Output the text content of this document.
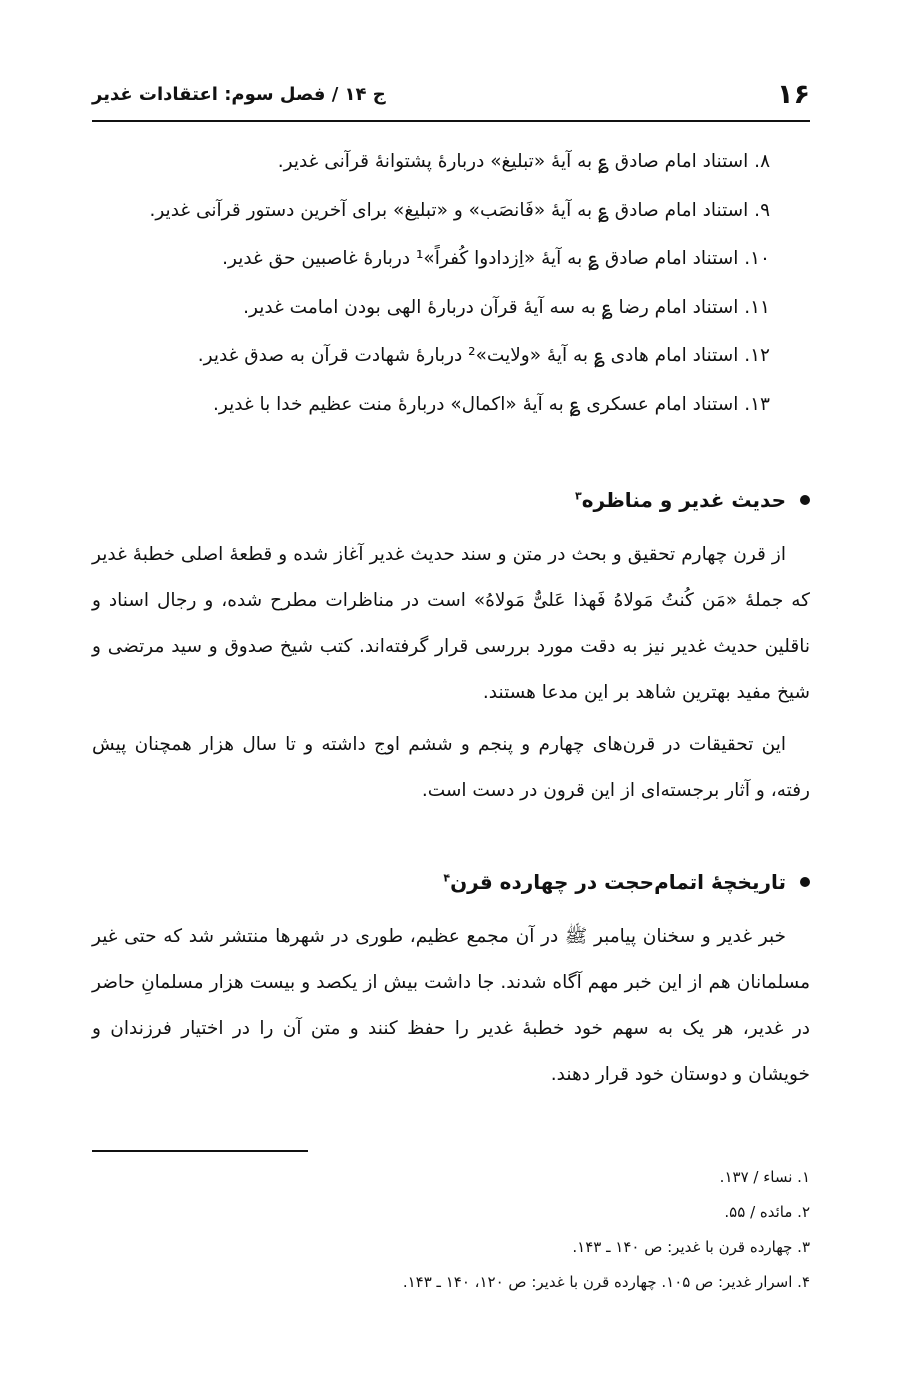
۱۶
ج ۱۴ / فصل سوم: اعتقادات غدیر
۸. استناد امام صادق ؏ به آیهٔ «تبلیغ» دربارهٔ پشتوانهٔ قرآنی غدیر.
۹. استناد امام صادق ؏ به آیهٔ «فَانصَب» و «تبلیغ» برای آخرین دستور قرآنی غدیر.
۱۰. استناد امام صادق ؏ به آیهٔ «اِزدادوا کُفراً»¹ دربارهٔ غاصبین حق غدیر.
۱۱. استناد امام رضا ؏ به سه آیهٔ قرآن دربارهٔ الهی بودن امامت غدیر.
۱۲. استناد امام هادی ؏ به آیهٔ «ولایت»² دربارهٔ شهادت قرآن به صدق غدیر.
۱۳. استناد امام عسکری ؏ به آیهٔ «اکمال» دربارهٔ منت عظیم خدا با غدیر.
حدیث غدیر و مناظره$^۳$

از قرن چهارم تحقیق و بحث در متن و سند حدیث غدیر آغاز شده و قطعهٔ اصلی خطبهٔ غدیر که جملهٔ «مَن کُنتُ مَولاهُ فَهذا عَلیٌّ مَولاهُ» است در مناظرات مطرح شده، و رجال اسناد و ناقلین حدیث غدیر نیز به دقت مورد بررسی قرار گرفته‌اند. کتب شیخ صدوق و سید مرتضی و شیخ مفید بهترین شاهد بر این مدعا هستند.

این تحقیقات در قرن‌های چهارم و پنجم و ششم اوج داشته و تا سال هزار همچنان پیش رفته، و آثار برجسته‌ای از این قرون در دست است.

تاریخچهٔ اتمام‌حجت در چهارده قرن$^۴$

خبر غدیر و سخنان پیامبر ﷺ در آن مجمع عظیم، طوری در شهرها منتشر شد که حتی غیر مسلمانان هم از این خبر مهم آگاه شدند. جا داشت بیش از یکصد و بیست هزار مسلمانِ حاضر در غدیر، هر یک به سهم خود خطبهٔ غدیر را حفظ کنند و متن آن را در اختیار فرزندان و خویشان و دوستان خود قرار دهند.

۱. نساء / ۱۳۷.
۲. مائده / ۵۵.
۳. چهارده قرن با غدیر: ص ۱۴۰ ـ ۱۴۳.
۴. اسرار غدیر: ص ۱۰۵. چهارده قرن با غدیر: ص ۱۲۰، ۱۴۰ ـ ۱۴۳.
